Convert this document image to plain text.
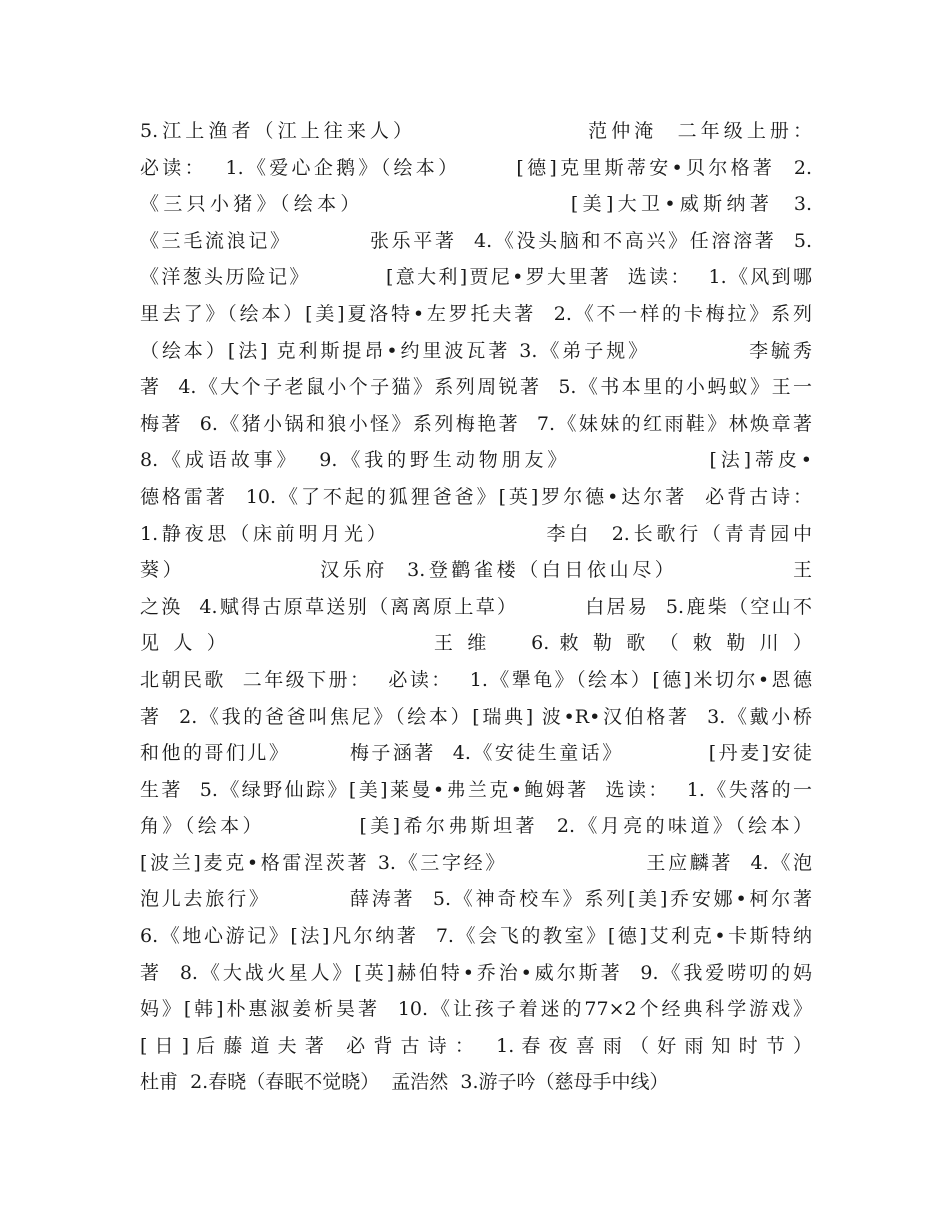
5.江上渔者（江上往来人）                 范仲淹  二年级上册：
必读：  1.《爱心企鹅》（绘本）      [德]克里斯蒂安•贝尔格著  2.
《三只小猪》（绘本）                    [美]大卫•威斯纳著  3.
《三毛流浪记》         张乐平著  4.《没头脑和不高兴》任溶溶著  5.
《洋葱头历险记》         [意大利]贾尼•罗大里著  选读：  1.《风到哪
里去了》（绘本）[美]夏洛特•左罗托夫著  2.《不一样的卡梅拉》系列
（绘本）[法] 克利斯提昂•约里波瓦著 3.《弟子规》           李毓秀
著  4.《大个子老鼠小个子猫》系列周锐著  5.《书本里的小蚂蚁》王一
梅著  6.《猪小锅和狼小怪》系列梅艳著  7.《妹妹的红雨鞋》林焕章著
8.《成语故事》  9.《我的野生动物朋友》              [法]蒂皮•
德格雷著  10.《了不起的狐狸爸爸》[英]罗尔德•达尔著  必背古诗：
1.静夜思（床前明月光）                李白  2.长歌行（青青园中
葵）              汉乐府  3.登鹳雀楼（白日依山尽）            王
之涣  4.赋得古原草送别（离离原上草）        白居易  5.鹿柴（空山不
见 人 ）                    王 维    6. 敕 勒 歌 （ 敕 勒 川 ）
北朝民歌  二年级下册：  必读：  1.《犟龟》（绘本）[德]米切尔•恩德
著  2.《我的爸爸叫焦尼》（绘本）[瑞典] 波•R•汉伯格著  3.《戴小桥
和他的哥们儿》       梅子涵著  4.《安徒生童话》          [丹麦]安徒
生著  5.《绿野仙踪》[美]莱曼•弗兰克•鲍姆著  选读：  1.《失落的一
角》（绘本）          [美]希尔弗斯坦著  2.《月亮的味道》（绘本）
[波兰]麦克•格雷涅茨著 3.《三字经》                王应麟著  4.《泡
泡儿去旅行》         薛涛著  5.《神奇校车》系列[美]乔安娜•柯尔著
6.《地心游记》[法]凡尔纳著  7.《会飞的教室》[德]艾利克•卡斯特纳
著  8.《大战火星人》[英]赫伯特•乔治•威尔斯著  9.《我爱唠叨的妈
妈》[韩]朴惠淑姜析昊著  10.《让孩子着迷的77×2个经典科学游戏》
[ 日 ] 后 藤 道 夫 著   必 背 古 诗 ：   1. 春 夜 喜 雨 （ 好 雨 知 时 节 ）
杜甫  2.春晓（春眠不觉晓）  孟浩然  3.游子吟（慈母手中线）
